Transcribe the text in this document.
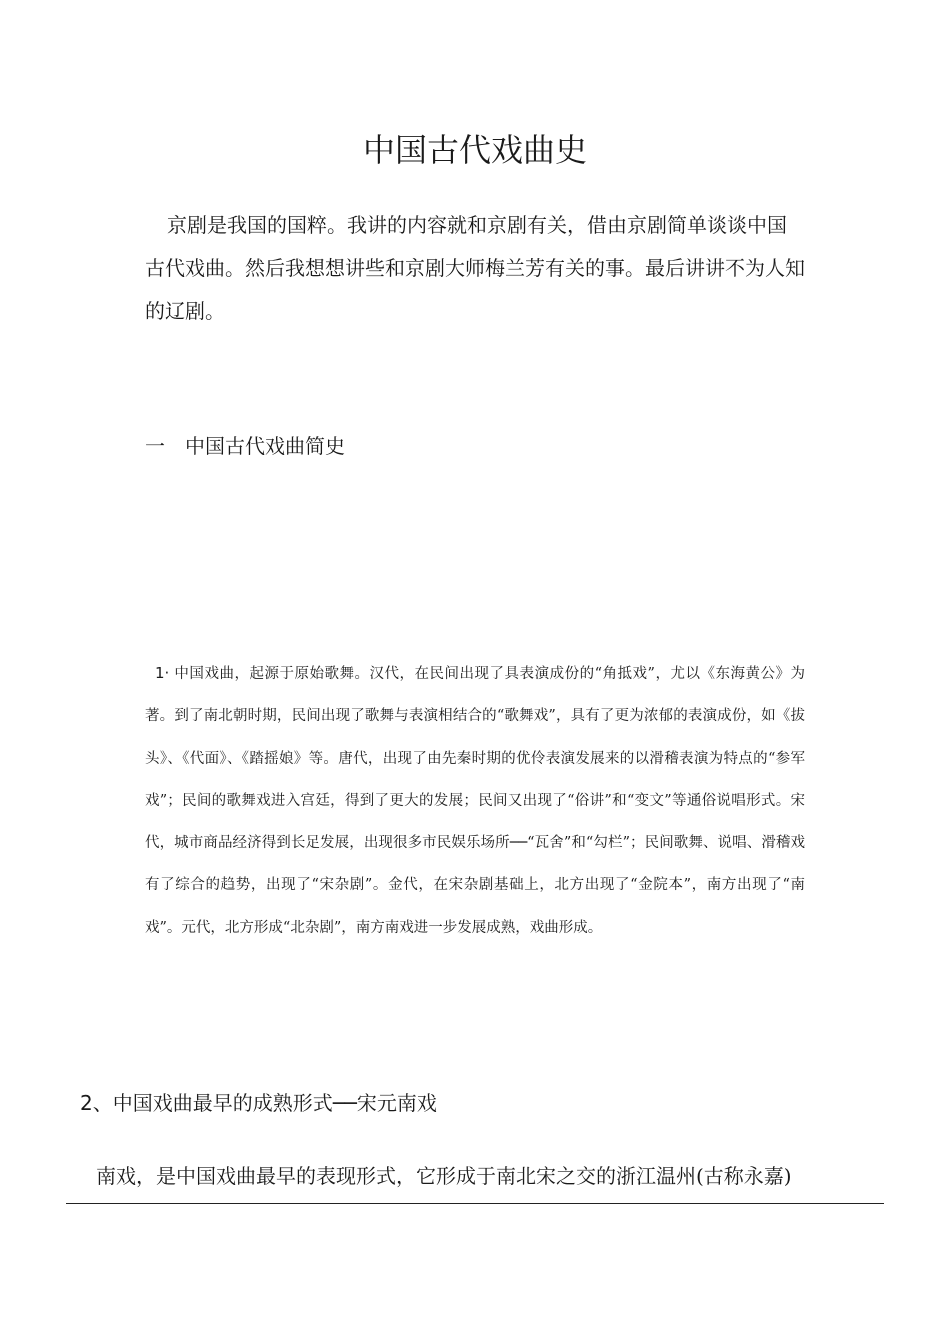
中国古代戏曲史

京剧是我国的国粹。我讲的内容就和京剧有关，借由京剧简单谈谈中国古代戏曲。然后我想想讲些和京剧大师梅兰芳有关的事。最后讲讲不为人知的辽剧。

一 中国古代戏曲简史

1· 中国戏曲，起源于原始歌舞。汉代，在民间出现了具表演成份的“角抵戏”，尤以《东海黄公》为著。到了南北朝时期，民间出现了歌舞与表演相结合的“歌舞戏”，具有了更为浓郁的表演成份，如《拔头》、《代面》、《踏摇娘》等。唐代，出现了由先秦时期的优伶表演发展来的以滑稽表演为特点的“参军戏”；民间的歌舞戏进入宫廷，得到了更大的发展；民间又出现了“俗讲”和“变文”等通俗说唱形式。宋代，城市商品经济得到长足发展，出现很多市民娱乐场所──“瓦舍”和“勾栏”；民间歌舞、说唱、滑稽戏有了综合的趋势，出现了“宋杂剧”。金代，在宋杂剧基础上，北方出现了“金院本”，南方出现了“南戏”。元代，北方形成“北杂剧”，南方南戏进一步发展成熟，戏曲形成。

2、中国戏曲最早的成熟形式──宋元南戏

南戏，是中国戏曲最早的表现形式，它形成于南北宋之交的浙江温州(古称永嘉)
